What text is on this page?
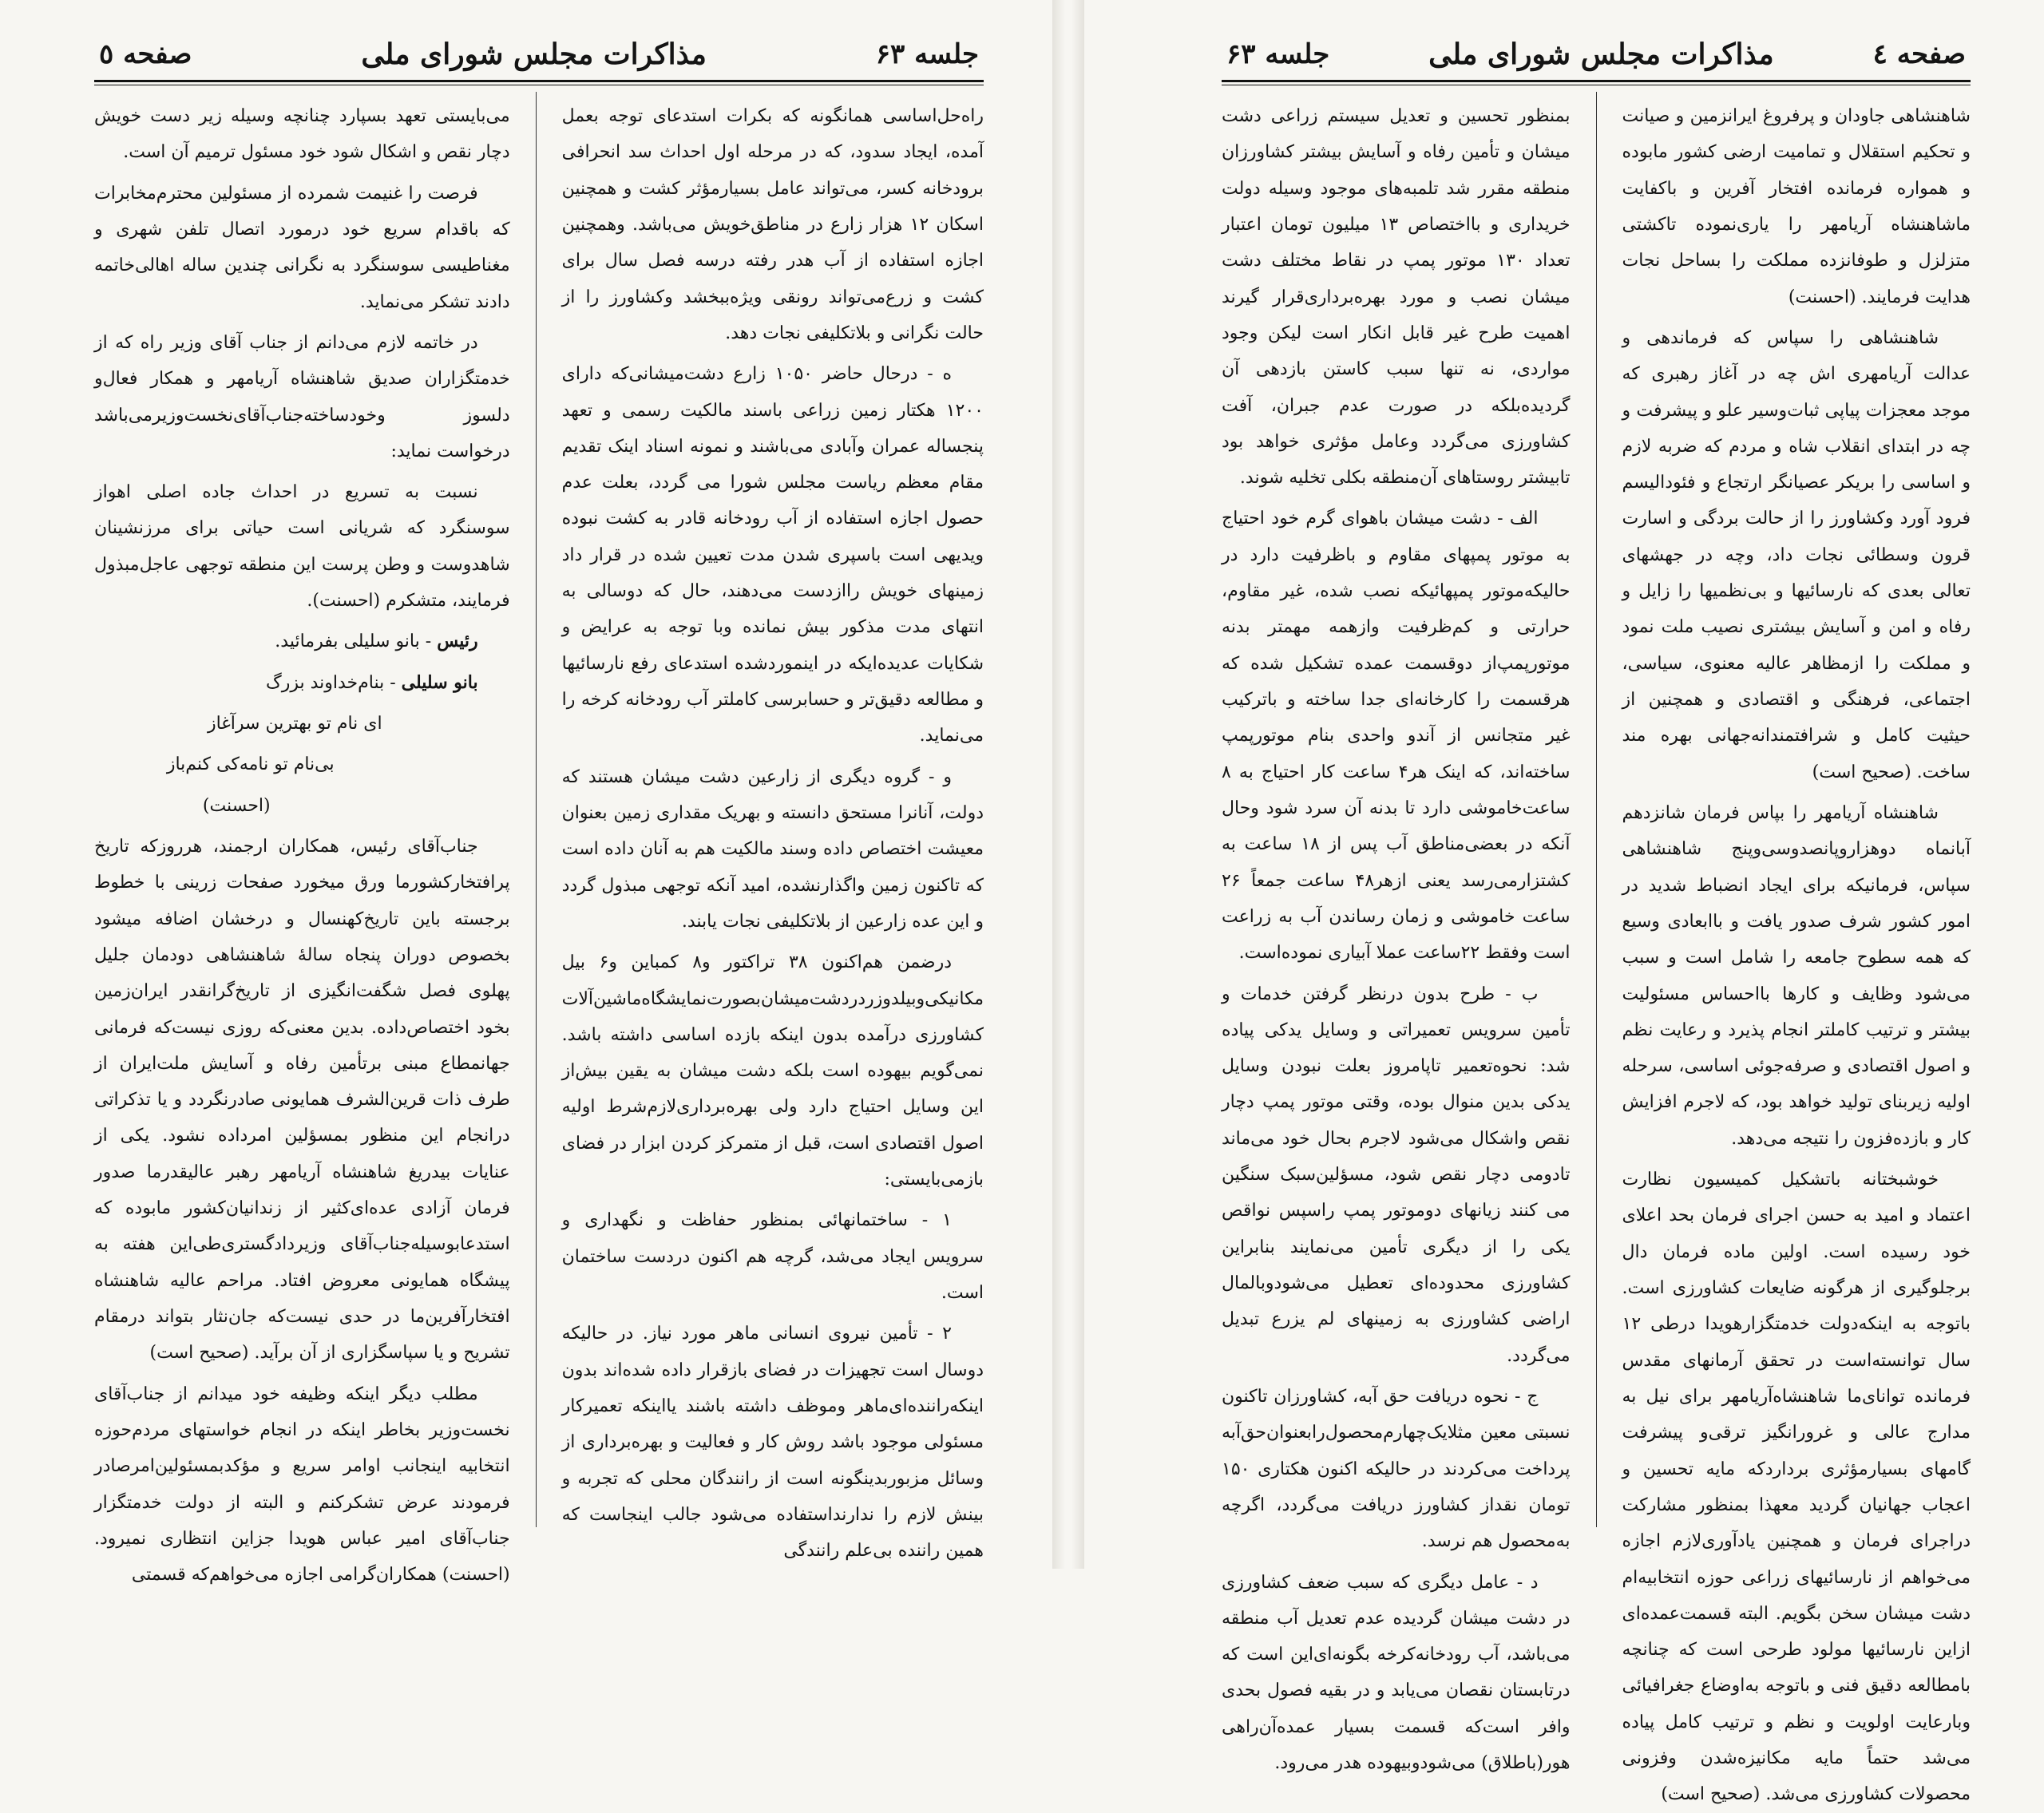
صفحه ٤
مذاکرات مجلس شورای ملی
جلسه ۶۳

شاهنشاهی جاودان و پرفروغ ایرانزمین و صیانت و تحکیم استقلال و تمامیت ارضی کشور مابوده و همواره فرمانده افتخار آفرین و باکفایت ماشاهنشاه آریامهر را یاری‌نموده تاکشتی متزلزل و طوفانزده مملکت را بساحل نجات هدایت فرمایند. (احسنت)

شاهنشاهی را سپاس که فرماندهی و عدالت آریامهری اش چه در آغاز رهبری که موجد معجزات پیاپی ثبات‌وسیر علو و پیشرفت و چه در ابتدای انقلاب شاه و مردم که ضربه لازم و اساسی را بریکر عصیانگر ارتجاع و فئودالیسم فرود آورد وکشاورز را از حالت بردگی و اسارت قرون وسطائی نجات داد، وچه در جهشهای تعالی بعدی که نارسائیها و بی‌نظمیها را زایل و رفاه و امن و آسایش بیشتری نصیب ملت نمود و مملکت را ازمظاهر عالیه معنوی، سیاسی، اجتماعی، فرهنگی و اقتصادی و همچنین از حیثیت کامل و شرافتمندانه‌جهانی بهره مند ساخت. (صحیح است)

شاهنشاه آریامهر را بپاس فرمان شانزدهم آبانماه دوهزاروپانصدوسی‌وپنج شاهنشاهی سپاس، فرمانیکه برای ایجاد انضباط شدید در امور کشور شرف صدور یافت و باابعادی وسیع که همه سطوح جامعه را شامل است و سبب می‌شود وظایف و کارها بااحساس مسئولیت بیشتر و ترتیب کاملتر انجام پذیرد و رعایت نظم و اصول اقتصادی و صرفه‌جوئی اساسی، سرحله اولیه زیربنای تولید خواهد بود، که لاجرم افزایش کار و بازده‌فزون را نتیجه می‌دهد.

خوشبختانه باتشکیل کمیسیون نظارت اعتماد و امید به حسن اجرای فرمان بحد اعلای خود رسیده است. اولین ماده فرمان دال برجلوگیری از هرگونه ضایعات کشاورزی است. باتوجه به اینکه‌دولت خدمتگزارهویدا درطی ۱۲ سال توانسته‌است در تحقق آرمانهای مقدس فرمانده توانای‌ما شاهنشاه‌آریامهر برای نیل به مدارج عالی و غرورانگیز ترقی‌و پیشرفت گامهای بسیارمؤثری بردارد‌که مایه تحسین و اعجاب جهانیان گردید معهذا بمنظور مشارکت دراجرای فرمان و همچنین یادآوری‌لازم اجازه می‌خواهم از نارسائیهای زراعی حوزه انتخابیه‌ام دشت میشان سخن بگویم. البته قسمت‌عمده‌ای ازاین نارسائیها مولود طرحی است که چنانچه بامطالعه دقیق فنی و باتوجه به‌اوضاع جغرافیائی وبارعایت اولویت و نظم و ترتیب کامل پیاده می‌شد حتماً مایه مکانیزه‌شدن وفزونی محصولات کشاورزی می‌شد. (صحیح است)

بمنظور تحسین و تعدیل سیستم زراعی دشت میشان و تأمین رفاه و آسایش بیشتر کشاورزان منطقه مقرر شد تلمبه‌های موجود وسیله دولت خریداری و بااختصاص ۱۳ میلیون تومان اعتبار تعداد ۱۳۰ موتور پمپ در نقاط مختلف دشت میشان نصب و مورد بهره‌برداری‌قرار گیرند اهمیت طرح غیر قابل انکار است لیکن وجود مواردی، نه تنها سبب کاستن بازدهی آن گردیده‌بلکه در صورت عدم جبران، آفت کشاورزی می‌گردد وعامل مؤثری خواهد بود تابیشتر روستاهای آن‌منطقه بکلی تخلیه شوند.

الف - دشت میشان باهوای گرم خود احتیاج به موتور پمپهای مقاوم و باظرفیت دارد در حالیکه‌موتور پمپهائیکه نصب شده، غیر مقاوم، حرارتی و کم‌ظرفیت وازهمه مهمتر بدنه موتورپمپ‌از دوقسمت عمده تشکیل شده که هرقسمت را کارخانه‌ای جدا ساخته و باترکیب غیر متجانس از آندو واحدی بنام موتورپمپ ساخته‌اند، که اینک هر۴ ساعت کار احتیاج به ۸ ساعت‌خاموشی دارد تا بدنه آن سرد شود وحال آنکه در بعضی‌مناطق آب پس از ۱۸ ساعت به کشتزار‌می‌رسد یعنی ازهر۴۸ ساعت جمعاً ۲۶ ساعت خاموشی و زمان رساندن آب به زراعت است وفقط ۲۲ساعت عملا آبیاری نموده‌است.

ب - طرح بدون درنظر گرفتن خدمات و تأمین سرویس تعمیراتی و وسایل یدکی پیاده شد: نحوه‌تعمیر تاپامروز بعلت نبودن وسایل یدکی بدین منوال بوده، وقتی موتور پمپ دچار نقص واشکال می‌شود لاجرم بحال خود می‌ماند تادومی دچار نقص شود، مسؤلین‌سبک سنگین می کنند زیانهای دوموتور پمپ راسپس نواقص یکی را از دیگری تأمین می‌نمایند بنابراین کشاورزی محدوده‌ای تعطیل می‌شودوبالمال اراضی کشاورزی به زمینهای لم یزرع تبدیل می‌گردد.

ج - نحوه دریافت حق آبه، کشاورزان تاکنون نسبتی معین مثلایک‌چهارم‌محصول‌را‌بعنوان‌حق‌آبه پرداخت می‌کردند در حالیکه اکنون هکتاری ۱۵۰ تومان نقداز کشاورز دریافت می‌گردد، اگرچه به‌محصول هم نرسد.

د - عامل دیگری که سبب ضعف کشاورزی در دشت میشان گردیده عدم تعدیل آب منطقه می‌باشد، آب رودخانه‌کرخه بگونه‌ای‌این است که درتابستان نقصان می‌یابد و در بقیه فصول بحدی وافر است‌که قسمت بسیار عمده‌آن‌راهی هور(باطلاق) می‌شودوبیهوده هدر می‌رود.

جلسه ۶۳
مذاکرات مجلس شورای ملی
صفحه ٥

راه‌حل‌اساسی همانگونه که بکرات استدعای توجه بعمل آمده، ایجاد سدود، که در مرحله اول احداث سد انحرافی برودخانه کسر، می‌تواند عامل بسیارمؤثر کشت و همچنین اسکان ۱۲ هزار زارع در مناطق‌خویش می‌باشد. وهمچنین اجازه استفاده از آب هدر رفته درسه فصل سال برای کشت و زرع‌می‌تواند رونقی ویژه‌ببخشد وکشاورز را از حالت نگرانی و بلاتکلیفی نجات دهد.

ه - درحال حاضر ۱۰۵۰ زارع دشت‌میشانی‌که دارای ۱۲۰۰ هکتار زمین زراعی باسند مالکیت رسمی و تعهد پنجساله عمران وآبادی می‌باشند و نمونه اسناد اینک تقدیم مقام معظم ریاست مجلس شورا می گردد، بعلت عدم حصول اجازه استفاده از آب رودخانه قادر به کشت نبوده ویدیهی است باسپری شدن مدت تعیین شده در قرار داد زمینهای خویش راازدست می‌دهند، حال که دوسالی به انتهای مدت مذکور بیش نمانده وبا توجه به عرایض و شکایات عدیده‌ایکه در اینمورد‌شده استدعای رفع نارسائیها و مطالعه دقیق‌تر و حسابرسی کاملتر آب رودخانه کرخه را می‌نماید.

و - گروه دیگری از زارعین دشت میشان هستند که دولت، آنانرا مستحق دانسته و بهریک مقداری زمین بعنوان معیشت اختصاص داده وسند مالکیت هم به آنان داده است که تاکنون زمین واگذارنشده، امید آنکه توجهی مبذول گردد و این عده زارعین از بلاتکلیفی نجات یابند.

درضمن هم‌اکنون ۳۸ تراکتور و۸ کمباین و۶ بیل مکانیکی‌وبیلدوزر‌دردشت‌میشان‌بصورت‌نمایشگاه‌ماشین‌آلات کشاورزی درآمده بدون اینکه بازده اساسی داشته باشد. نمی‌گویم بیهوده است بلکه دشت میشان به یقین بیش‌از این وسایل احتیاج دارد ولی بهره‌برداری‌لازم‌شرط اولیه اصول اقتصادی است، قبل از متمرکز کردن ابزار در فضای بازمی‌بایستی:

۱ - ساختمانهائی بمنظور حفاظت و نگهداری و سرویس ایجاد می‌شد، گرچه هم اکنون دردست ساختمان است.

۲ - تأمین نیروی انسانی ماهر مورد نیاز. در حالیکه دوسال است تجهیزات در فضای بازقرار داده شده‌اند بدون اینکه‌راننده‌ای‌ماهر وموظف داشته باشند یااینکه تعمیرکار مسئولی موجود باشد روش کار و فعالیت و بهره‌برداری از وسائل مزبور‌بدینگونه است از رانندگان محلی که تجربه و بینش لازم را ندارند‌استفاده می‌شود جالب اینجاست که همین راننده بی‌علم رانندگی

می‌بایستی تعهد بسپارد چنانچه وسیله زیر دست خویش دچار نقص و اشکال شود خود مسئول ترمیم آن است.

فرصت را غنیمت شمرده از مسئولین محترم‌مخابرات که باقدام سریع خود درمورد اتصال تلفن شهری و مغناطیسی سوسنگرد به نگرانی چندین ساله اهالی‌خاتمه دادند تشکر می‌نماید.

در خاتمه لازم می‌دانم از جناب آقای وزیر راه که از خدمتگزاران صدیق شاهنشاه آریامهر و همکار فعال‌و دلسوز وخودساخته‌جناب‌آقای‌نخست‌وزیرمی‌باشد درخواست نماید:

نسبت به تسریع در احداث جاده اصلی اهواز سوسنگرد که شریانی است حیاتی برای مرزنشینان شاهدوست و وطن پرست این منطقه توجهی عاجل‌مبذول فرمایند، متشکرم (احسنت).

رئیس - بانو سلیلی بفرمائید.

بانو سلیلی - بنام‌خداوند بزرگ

ای نام تو بهترین سرآغاز

بی‌نام تو نامه‌کی کنم‌باز

(احسنت)

جناب‌آقای رئیس، همکاران ارجمند، هرروز‌که تاریخ پرافتخارکشورما ورق میخورد صفحات زرینی با خطوط برجسته باین تاریخ‌کهنسال و درخشان اضافه میشود بخصوص دوران پنجاه سالهٔ شاهنشاهی دودمان جلیل پهلوی فصل شگفت‌انگیزی از تاریخ‌گرانقدر ایران‌زمین بخود اختصاص‌داده. بدین معنی‌که روزی نیست‌که فرمانی جهانمطاع مبنی برتأمین رفاه و آسایش ملت‌ایران از طرف ذات قرین‌الشرف همایونی صادرنگردد و یا تذکراتی درانجام این منظور بمسؤلین امرداده نشود. یکی از عنایات بیدریغ شاهنشاه آریامهر رهبر عالیقدرما صدور فرمان آزادی عده‌ای‌کثیر از زندانیان‌کشور مابوده که استدعابوسیله‌جناب‌آقای وزیردادگستری‌طی‌این هفته به پیشگاه همایونی معروض افتاد. مراحم عالیه شاهنشاه افتخارآفرین‌ما در حدی نیست‌که جان‌نثار بتواند درمقام تشریح و یا سپاسگزاری از آن برآید. (صحیح است)

مطلب دیگر اینکه وظیفه خود میدانم از جناب‌آقای نخست‌وزیر بخاطر اینکه در انجام خواستهای مردم‌حوزه انتخابیه اینجانب اوامر سریع و مؤکدبمسئولین‌امرصادر فرمودند عرض تشکرکنم و البته از دولت خدمتگزار جناب‌آقای امیر عباس هویدا جزاین انتظاری نمیرود. (احسنت) همکاران‌گرامی اجازه می‌خواهم‌که قسمتی
